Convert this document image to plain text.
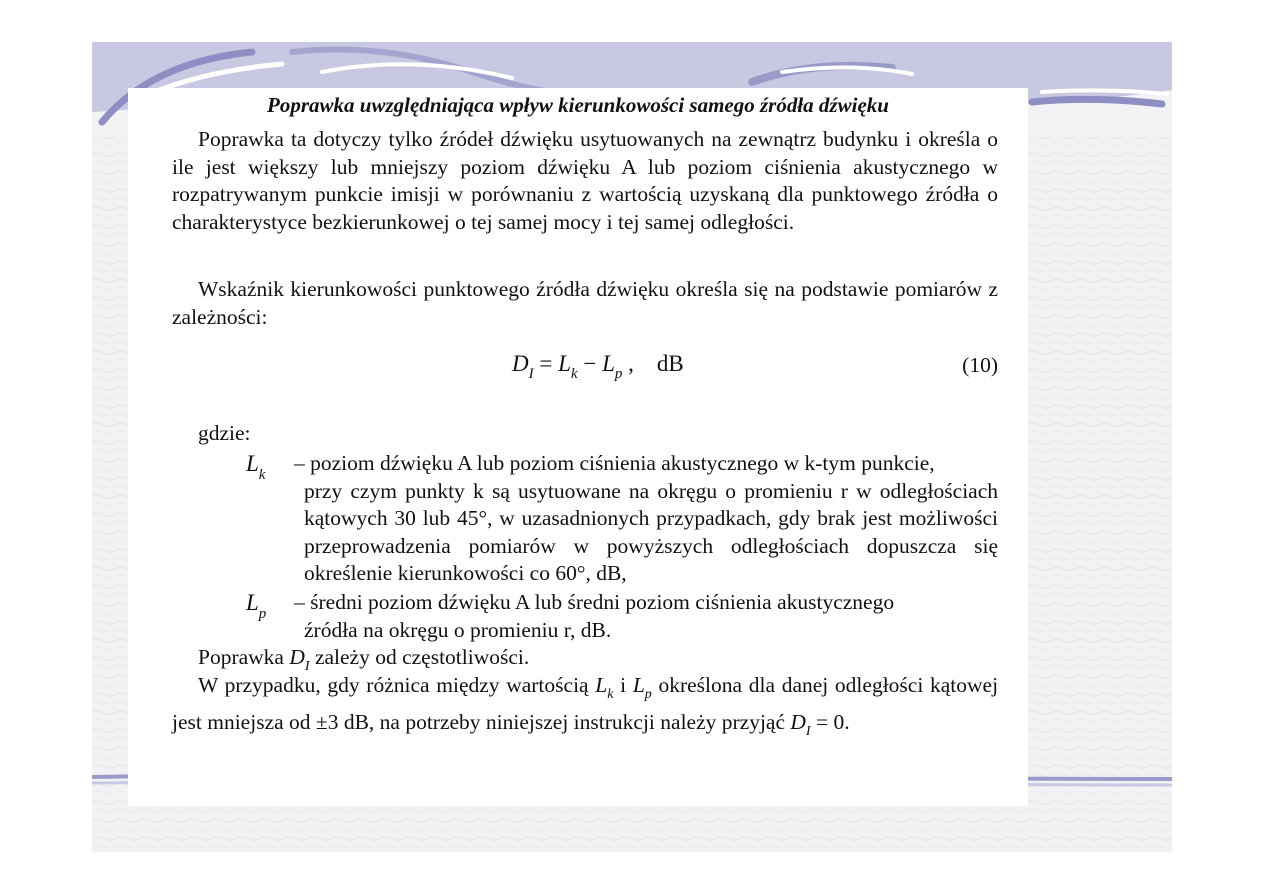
Poprawka uwzględniająca wpływ kierunkowości samego źródła dźwięku

Poprawka ta dotyczy tylko źródeł dźwięku usytuowanych na zewnątrz budynku i określa o ile jest większy lub mniejszy poziom dźwięku A lub poziom ciśnienia akustycznego w rozpatrywanym punkcie imisji w porównaniu z wartością uzyskaną dla punktowego źródła o charakterystyce bezkierunkowej o tej samej mocy i tej samej odległości.

Wskaźnik kierunkowości punktowego źródła dźwięku określa się na podstawie pomiarów z zależności:

$D_I = L_k - L_p$ , dB	(10)
gdzie:
$L_k$	– poziom dźwięku A lub poziom ciśnienia akustycznego w k-tym punkcie,
przy czym punkty k są usytuowane na okręgu o promieniu r w odległościach kątowych 30 lub 45°, w uzasadnionych przypadkach, gdy brak jest możliwości przeprowadzenia pomiarów w powyższych odległościach dopuszcza się określenie kierunkowości co 60°, dB,
$L_p$	– średni poziom dźwięku A lub średni poziom ciśnienia akustycznego
źródła na okręgu o promieniu r, dB.

Poprawka $D_I$ zależy od częstotliwości.

W przypadku, gdy różnica między wartością $L_k$ i $L_p$ określona dla danej odległości kątowej jest mniejsza od ±3 dB, na potrzeby niniejszej instrukcji należy przyjąć $D_I = 0$.
